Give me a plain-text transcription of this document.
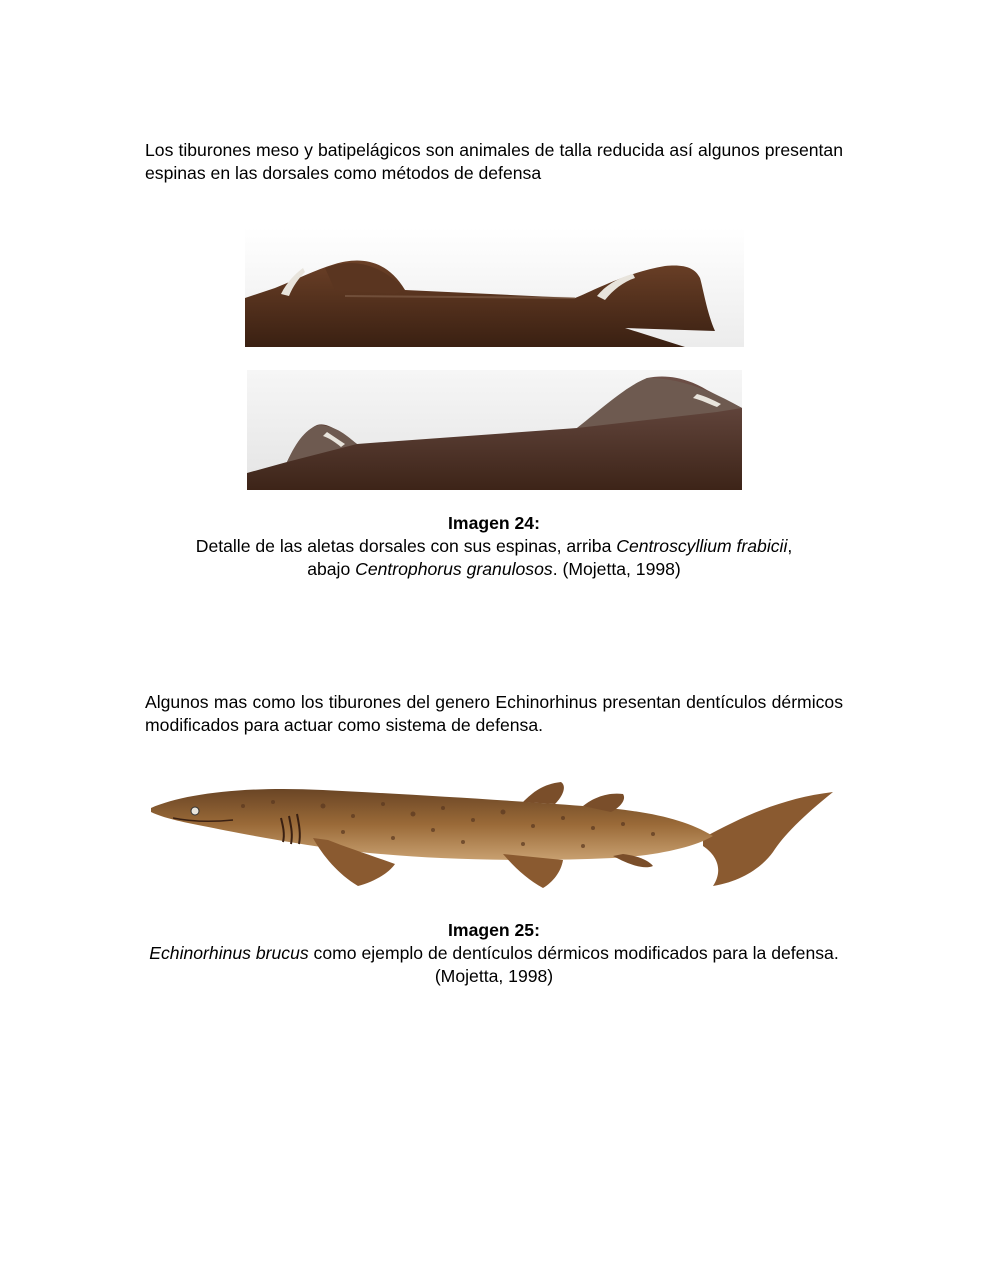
Los tiburones meso y batipelágicos son animales de talla reducida así algunos presentan espinas en las dorsales como métodos de defensa

Imagen 24:
Detalle de las aletas dorsales con sus espinas, arriba Centroscyllium frabicii,
abajo Centrophorus granulosos. (Mojetta, 1998)

Algunos mas como los tiburones del genero Echinorhinus presentan dentículos dérmicos modificados para actuar como sistema de defensa.

Imagen 25:
Echinorhinus brucus como ejemplo de dentículos dérmicos modificados para la defensa. (Mojetta, 1998)
